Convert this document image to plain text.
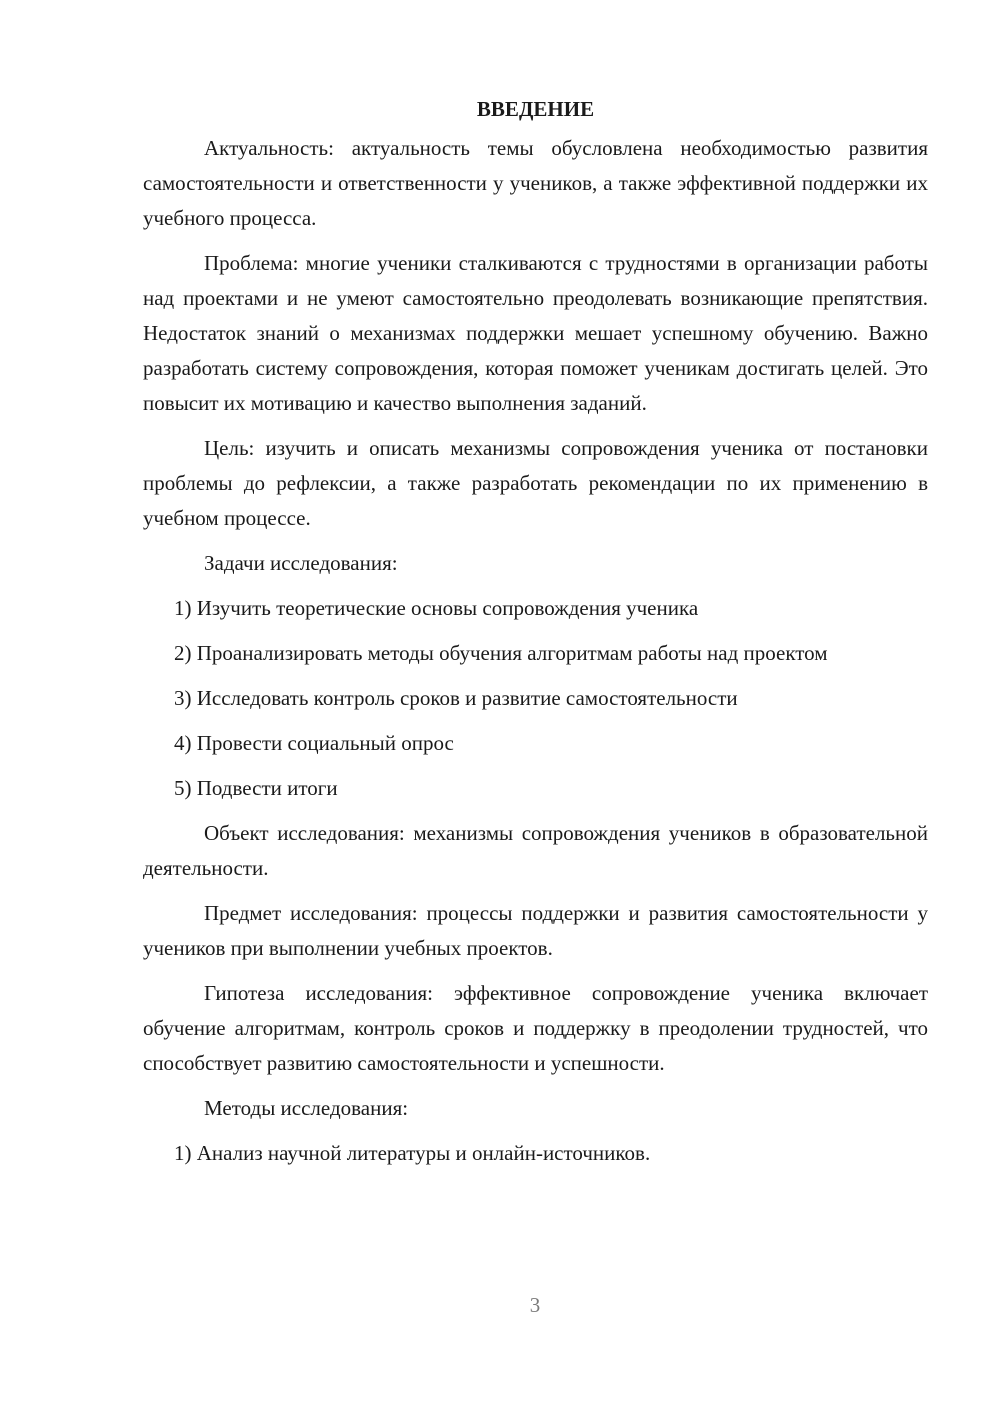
ВВЕДЕНИЕ

Актуальность: актуальность темы обусловлена необходимостью развития самостоятельности и ответственности у учеников, а также эффективной поддержки их учебного процесса.

Проблема: многие ученики сталкиваются с трудностями в организации работы над проектами и не умеют самостоятельно преодолевать возникающие препятствия. Недостаток знаний о механизмах поддержки мешает успешному обучению. Важно разработать систему сопровождения, которая поможет ученикам достигать целей. Это повысит их мотивацию и качество выполнения заданий.

Цель: изучить и описать механизмы сопровождения ученика от постановки проблемы до рефлексии, а также разработать рекомендации по их применению в учебном процессе.

Задачи исследования:

1) Изучить теоретические основы сопровождения ученика

2) Проанализировать методы обучения алгоритмам работы над проектом

3) Исследовать контроль сроков и развитие самостоятельности

4) Провести социальный опрос

5) Подвести итоги

Объект исследования: механизмы сопровождения учеников в образовательной деятельности.

Предмет исследования: процессы поддержки и развития самостоятельности у учеников при выполнении учебных проектов.

Гипотеза исследования: эффективное сопровождение ученика включает обучение алгоритмам, контроль сроков и поддержку в преодолении трудностей, что способствует развитию самостоятельности и успешности.

Методы исследования:

1) Анализ научной литературы и онлайн-источников.

3
